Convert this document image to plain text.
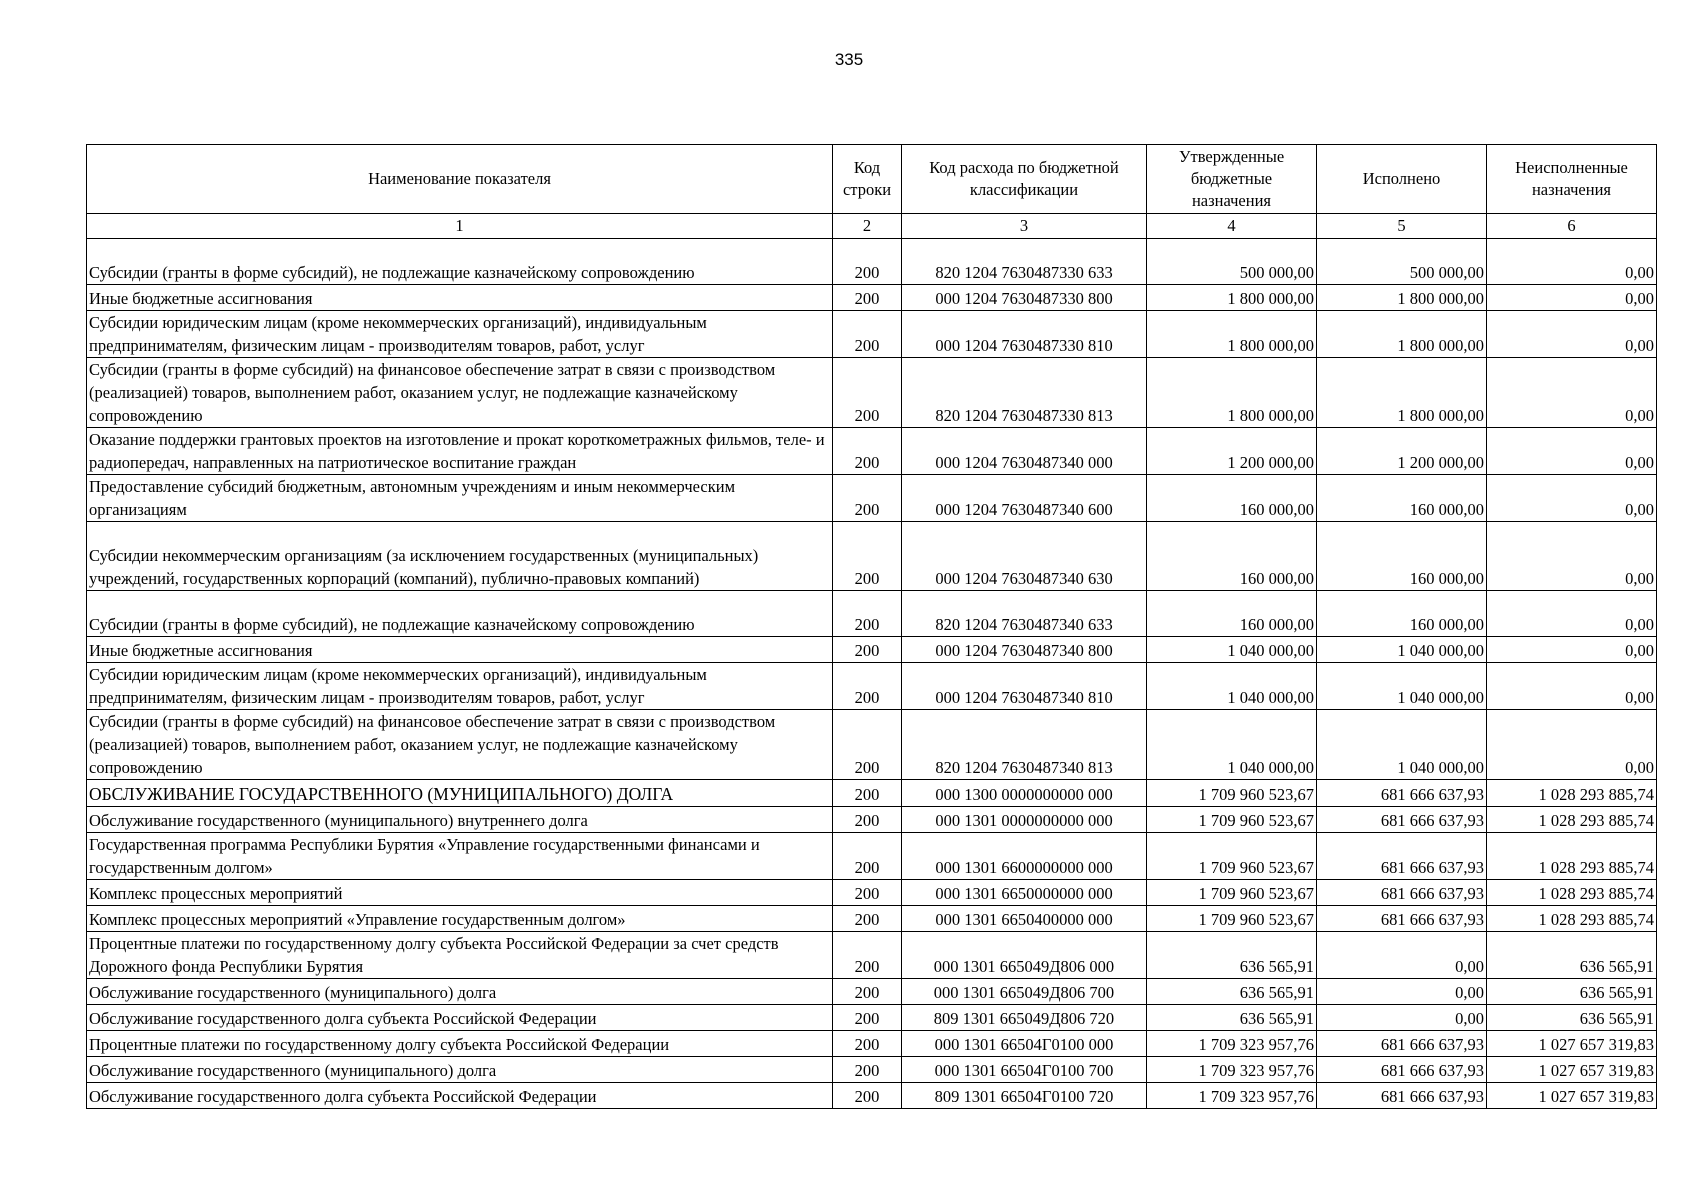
335
Наименование показателя	Код строки	Код расхода по бюджетной классификации	Утвержденные бюджетные назначения	Исполнено	Неисполненные назначения
1	2	3	4	5	6
Субсидии (гранты в форме субсидий), не подлежащие казначейскому сопровождению	200	820 1204 7630487330 633	500 000,00	500 000,00	0,00
Иные бюджетные ассигнования	200	000 1204 7630487330 800	1 800 000,00	1 800 000,00	0,00
Субсидии юридическим лицам (кроме некоммерческих организаций), индивидуальным предпринимателям, физическим лицам - производителям товаров, работ, услуг	200	000 1204 7630487330 810	1 800 000,00	1 800 000,00	0,00
Субсидии (гранты в форме субсидий) на финансовое обеспечение затрат в связи с производством (реализацией) товаров, выполнением работ, оказанием услуг, не подлежащие казначейскому сопровождению	200	820 1204 7630487330 813	1 800 000,00	1 800 000,00	0,00
Оказание поддержки грантовых проектов на изготовление и прокат короткометражных фильмов, теле- и радиопередач, направленных на патриотическое воспитание граждан	200	000 1204 7630487340 000	1 200 000,00	1 200 000,00	0,00
Предоставление субсидий бюджетным, автономным учреждениям и иным некоммерческим организациям	200	000 1204 7630487340 600	160 000,00	160 000,00	0,00
Субсидии некоммерческим организациям (за исключением государственных (муниципальных) учреждений, государственных корпораций (компаний), публично-правовых компаний)	200	000 1204 7630487340 630	160 000,00	160 000,00	0,00
Субсидии (гранты в форме субсидий), не подлежащие казначейскому сопровождению	200	820 1204 7630487340 633	160 000,00	160 000,00	0,00
Иные бюджетные ассигнования	200	000 1204 7630487340 800	1 040 000,00	1 040 000,00	0,00
Субсидии юридическим лицам (кроме некоммерческих организаций), индивидуальным предпринимателям, физическим лицам - производителям товаров, работ, услуг	200	000 1204 7630487340 810	1 040 000,00	1 040 000,00	0,00
Субсидии (гранты в форме субсидий) на финансовое обеспечение затрат в связи с производством (реализацией) товаров, выполнением работ, оказанием услуг, не подлежащие казначейскому сопровождению	200	820 1204 7630487340 813	1 040 000,00	1 040 000,00	0,00
ОБСЛУЖИВАНИЕ ГОСУДАРСТВЕННОГО (МУНИЦИПАЛЬНОГО) ДОЛГА	200	000 1300 0000000000 000	1 709 960 523,67	681 666 637,93	1 028 293 885,74
Обслуживание государственного (муниципального) внутреннего долга	200	000 1301 0000000000 000	1 709 960 523,67	681 666 637,93	1 028 293 885,74
Государственная программа Республики Бурятия «Управление государственными финансами и государственным долгом»	200	000 1301 6600000000 000	1 709 960 523,67	681 666 637,93	1 028 293 885,74
Комплекс процессных мероприятий	200	000 1301 6650000000 000	1 709 960 523,67	681 666 637,93	1 028 293 885,74
Комплекс процессных мероприятий «Управление государственным долгом»	200	000 1301 6650400000 000	1 709 960 523,67	681 666 637,93	1 028 293 885,74
Процентные платежи по государственному долгу субъекта Российской Федерации за счет средств Дорожного фонда Республики Бурятия	200	000 1301 665049Д806 000	636 565,91	0,00	636 565,91
Обслуживание государственного (муниципального) долга	200	000 1301 665049Д806 700	636 565,91	0,00	636 565,91
Обслуживание государственного долга субъекта Российской Федерации	200	809 1301 665049Д806 720	636 565,91	0,00	636 565,91
Процентные платежи по государственному долгу субъекта Российской Федерации	200	000 1301 66504Г0100 000	1 709 323 957,76	681 666 637,93	1 027 657 319,83
Обслуживание государственного (муниципального) долга	200	000 1301 66504Г0100 700	1 709 323 957,76	681 666 637,93	1 027 657 319,83
Обслуживание государственного долга субъекта Российской Федерации	200	809 1301 66504Г0100 720	1 709 323 957,76	681 666 637,93	1 027 657 319,83
